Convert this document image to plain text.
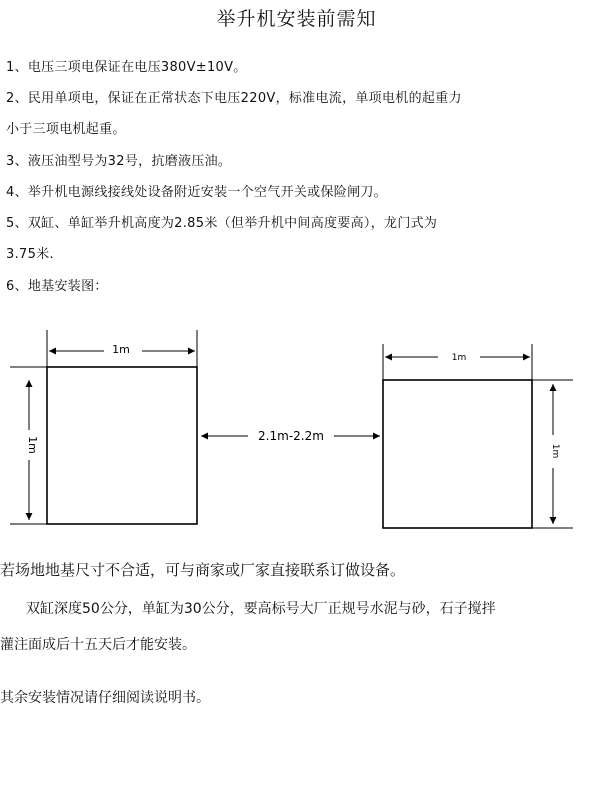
举升机安装前需知
1、电压三项电保证在电压380V±10V。
2、民用单项电，保证在正常状态下电压220V，标准电流，单项电机的起重力
小于三项电机起重。
3、液压油型号为32号，抗磨液压油。
4、举升机电源线接线处设备附近安装一个空气开关或保险闸刀。
5、双缸、单缸举升机高度为2.85米（但举升机中间高度要高），龙门式为
3.75米.
6、地基安装图：
1m
1m
2.1m-2.2m
1m
1m
若场地地基尺寸不合适，可与商家或厂家直接联系订做设备。
双缸深度50公分，单缸为30公分，要高标号大厂正规号水泥与砂，石子搅拌
灌注面成后十五天后才能安装。
其余安装情况请仔细阅读说明书。
